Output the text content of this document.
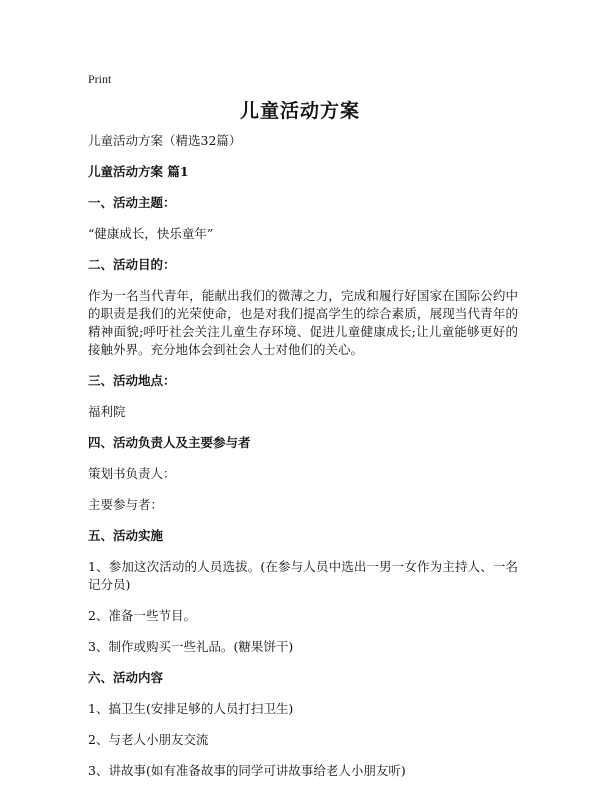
Print
儿童活动方案
儿童活动方案（精选32篇）
儿童活动方案 篇1
一、活动主题：
“健康成长，快乐童年”
二、活动目的：
作为一名当代青年，能献出我们的微薄之力，完成和履行好国家在国际公约中的职责是我们的光荣使命，也是对我们提高学生的综合素质，展现当代青年的精神面貌;呼吁社会关注儿童生存环境、促进儿童健康成长;让儿童能够更好的接触外界。充分地体会到社会人士对他们的关心。
三、活动地点：
福利院
四、活动负责人及主要参与者
策划书负责人：
主要参与者：
五、活动实施
1、参加这次活动的人员选拔。(在参与人员中选出一男一女作为主持人、一名记分员)
2、准备一些节目。
3、制作或购买一些礼品。(糖果饼干)
六、活动内容
1、搞卫生(安排足够的人员打扫卫生)
2、与老人小朋友交流
3、讲故事(如有准备故事的同学可讲故事给老人小朋友听)
